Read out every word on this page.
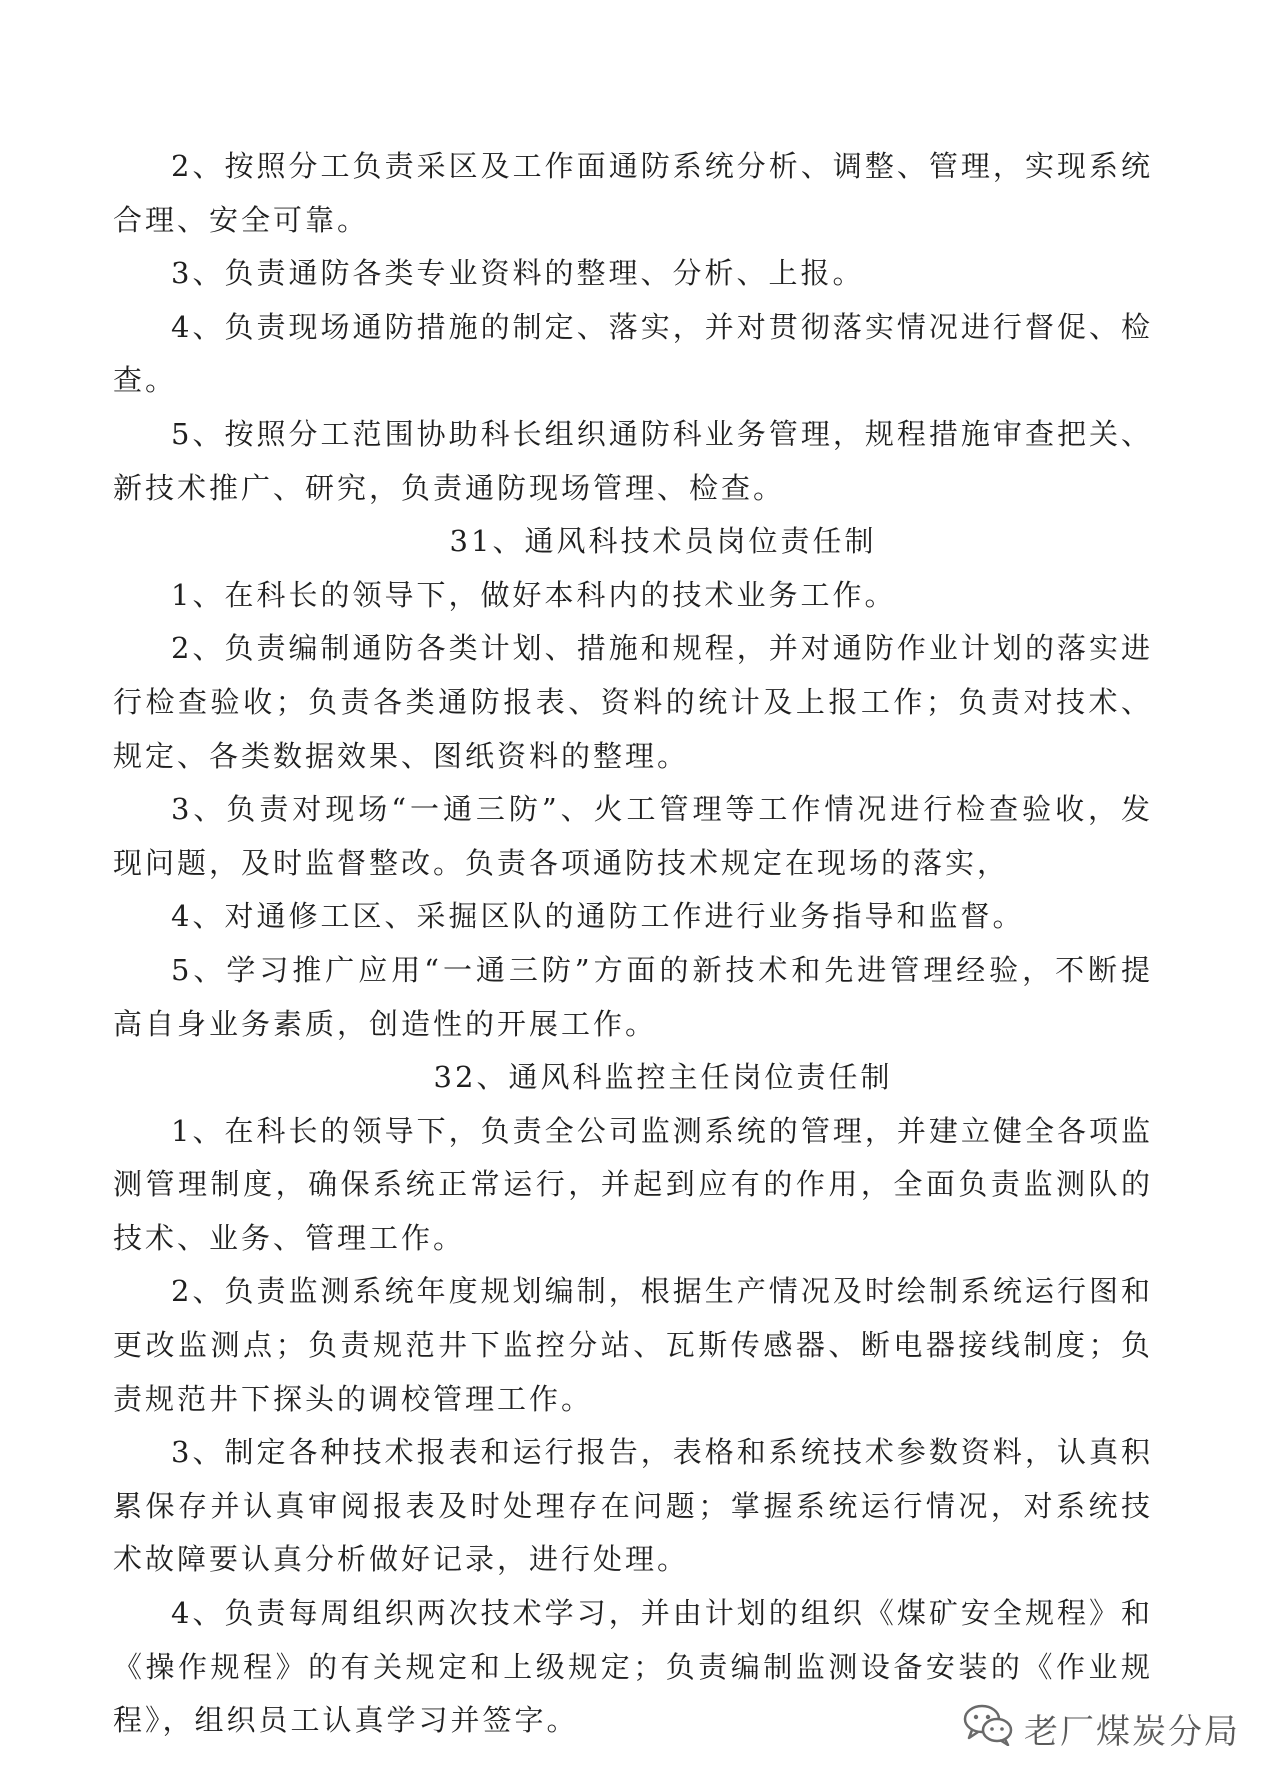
2、按照分工负责采区及工作面通防系统分析、调整、管理，实现系统合理、安全可靠。

3、负责通防各类专业资料的整理、分析、上报。

4、负责现场通防措施的制定、落实，并对贯彻落实情况进行督促、检查。

5、按照分工范围协助科长组织通防科业务管理，规程措施审查把关、新技术推广、研究，负责通防现场管理、检查。

31、通风科技术员岗位责任制

1、在科长的领导下，做好本科内的技术业务工作。

2、负责编制通防各类计划、措施和规程，并对通防作业计划的落实进行检查验收；负责各类通防报表、资料的统计及上报工作；负责对技术、规定、各类数据效果、图纸资料的整理。

3、负责对现场“一通三防”、火工管理等工作情况进行检查验收，发现问题，及时监督整改。负责各项通防技术规定在现场的落实，

4、对通修工区、采掘区队的通防工作进行业务指导和监督。

5、学习推广应用“一通三防”方面的新技术和先进管理经验，不断提高自身业务素质，创造性的开展工作。

32、通风科监控主任岗位责任制

1、在科长的领导下，负责全公司监测系统的管理，并建立健全各项监测管理制度，确保系统正常运行，并起到应有的作用，全面负责监测队的技术、业务、管理工作。

2、负责监测系统年度规划编制，根据生产情况及时绘制系统运行图和更改监测点；负责规范井下监控分站、瓦斯传感器、断电器接线制度；负责规范井下探头的调校管理工作。

3、制定各种技术报表和运行报告，表格和系统技术参数资料，认真积累保存并认真审阅报表及时处理存在问题；掌握系统运行情况，对系统技术故障要认真分析做好记录，进行处理。

4、负责每周组织两次技术学习，并由计划的组织《煤矿安全规程》和《操作规程》的有关规定和上级规定；负责编制监测设备安装的《作业规程》，组织员工认真学习并签字。	老厂煤炭分局
